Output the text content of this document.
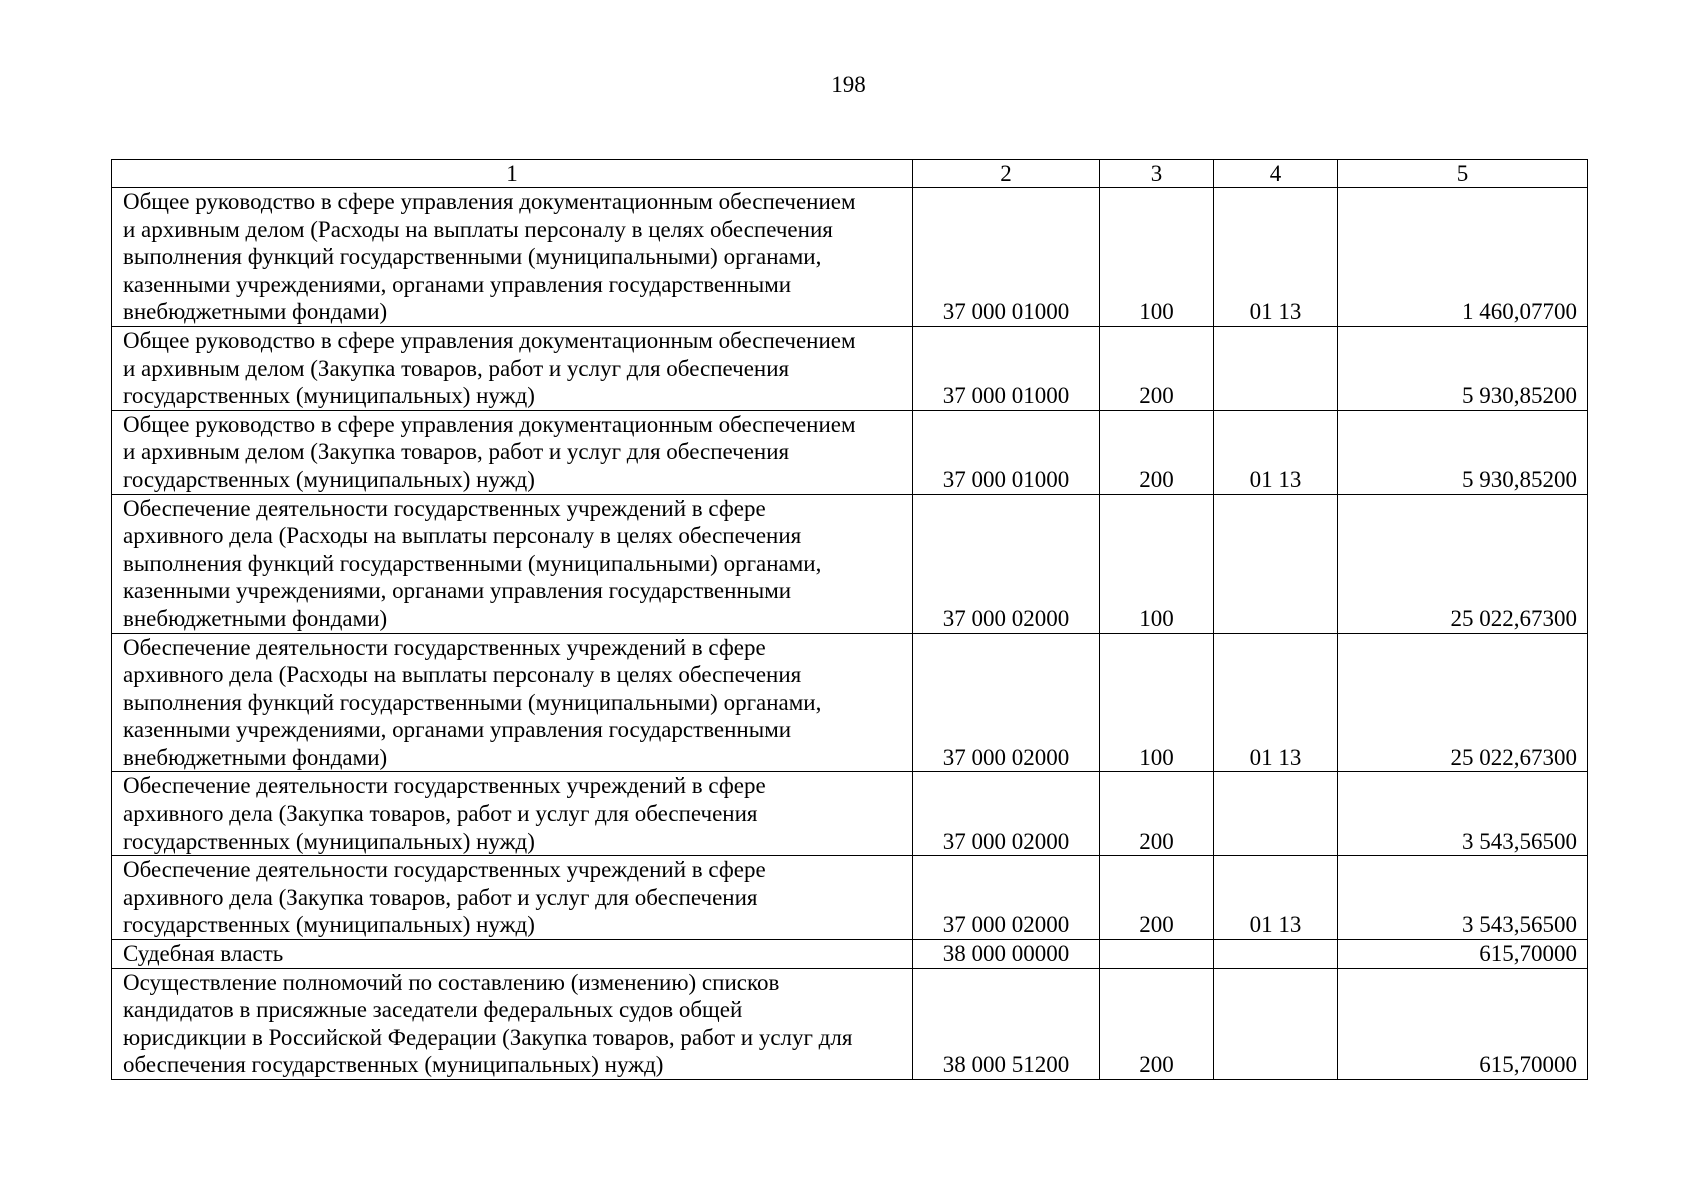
198
1	2	3	4	5

Общее руководство в сфере управления документационным обеспечением
и архивным делом (Расходы на выплаты персоналу в целях обеспечения
выполнения функций государственными (муниципальными) органами,
казенными учреждениями, органами управления государственными
внебюджетными фондами)	37 000 01000	100	01 13	1 460,07700

Общее руководство в сфере управления документационным обеспечением
и архивным делом (Закупка товаров, работ и услуг для обеспечения
государственных (муниципальных) нужд)	37 000 01000	200		5 930,85200

Общее руководство в сфере управления документационным обеспечением
и архивным делом (Закупка товаров, работ и услуг для обеспечения
государственных (муниципальных) нужд)	37 000 01000	200	01 13	5 930,85200

Обеспечение деятельности государственных учреждений в сфере
архивного дела (Расходы на выплаты персоналу в целях обеспечения
выполнения функций государственными (муниципальными) органами,
казенными учреждениями, органами управления государственными
внебюджетными фондами)	37 000 02000	100		25 022,67300

Обеспечение деятельности государственных учреждений в сфере
архивного дела (Расходы на выплаты персоналу в целях обеспечения
выполнения функций государственными (муниципальными) органами,
казенными учреждениями, органами управления государственными
внебюджетными фондами)	37 000 02000	100	01 13	25 022,67300

Обеспечение деятельности государственных учреждений в сфере
архивного дела (Закупка товаров, работ и услуг для обеспечения
государственных (муниципальных) нужд)	37 000 02000	200		3 543,56500

Обеспечение деятельности государственных учреждений в сфере
архивного дела (Закупка товаров, работ и услуг для обеспечения
государственных (муниципальных) нужд)	37 000 02000	200	01 13	3 543,56500

Судебная власть	38 000 00000			615,70000

Осуществление полномочий по составлению (изменению) списков
кандидатов в присяжные заседатели федеральных судов общей
юрисдикции в Российской Федерации (Закупка товаров, работ и услуг для
обеспечения государственных (муниципальных) нужд)	38 000 51200	200		615,70000
